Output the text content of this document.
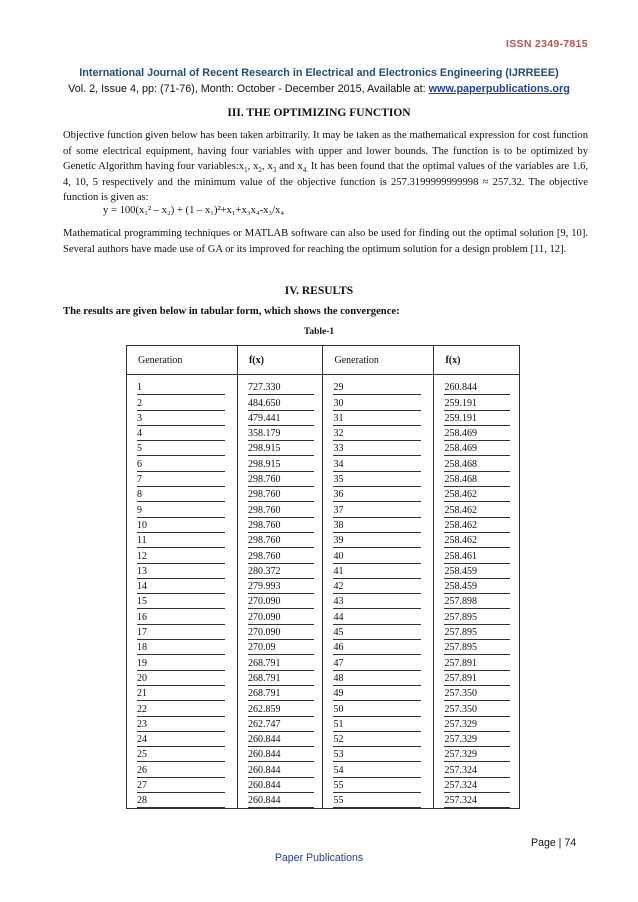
ISSN 2349-7815
International Journal of Recent Research in Electrical and Electronics Engineering (IJRREEE)
Vol. 2, Issue 4, pp: (71-76), Month: October - December 2015, Available at: www.paperpublications.org
III. THE OPTIMIZING FUNCTION
Objective function given below has been taken arbitrarily. It may be taken as the mathematical expression for cost function of some electrical equipment, having four variables with upper and lower bounds. The function is to be optimized by Genetic Algorithm having four $variables:x_1$, $x_2$, $x_3$ and $x_{4.}$ It has been found that the optimal values of the variables are 1.6, 4, 10, 5 respectively and the minimum value of the objective function is 257.3199999999998 ≈ 257.32. The objective function is given as:
y = 100(x₁² – x₂) + (1 – x₁)²+x₁+x₃x₄-x₃/x₄
Mathematical programming techniques or MATLAB software can also be used for finding out the optimal solution [9, 10]. Several authors have made use of GA or its improved for reaching the optimum solution for a design problem [11, 12].
IV. RESULTS
The results are given below in tabular form, which shows the convergence:
Table-1
Generation	f(x)	Generation	f(x)

1	727.330	29	260.844

2	484.650	30	259.191

3	479.441	31	259.191

4	358.179	32	258.469

5	298.915	33	258.469

6	298.915	34	258.468

7	298.760	35	258.468

8	298.760	36	258.462

9	298.760	37	258.462

10	298.760	38	258.462

11	298.760	39	258.462

12	298.760	40	258.461

13	280.372	41	258.459

14	279.993	42	258.459

15	270.090	43	257.898

16	270.090	44	257.895

17	270.090	45	257.895

18	270.09	46	257.895

19	268.791	47	257.891

20	268.791	48	257.891

21	268.791	49	257.350

22	262.859	50	257.350

23	262.747	51	257.329

24	260.844	52	257.329

25	260.844	53	257.329

26	260.844	54	257.324

27	260.844	55	257.324

28	260.844	55	257.324
Page | 74
Paper Publications
